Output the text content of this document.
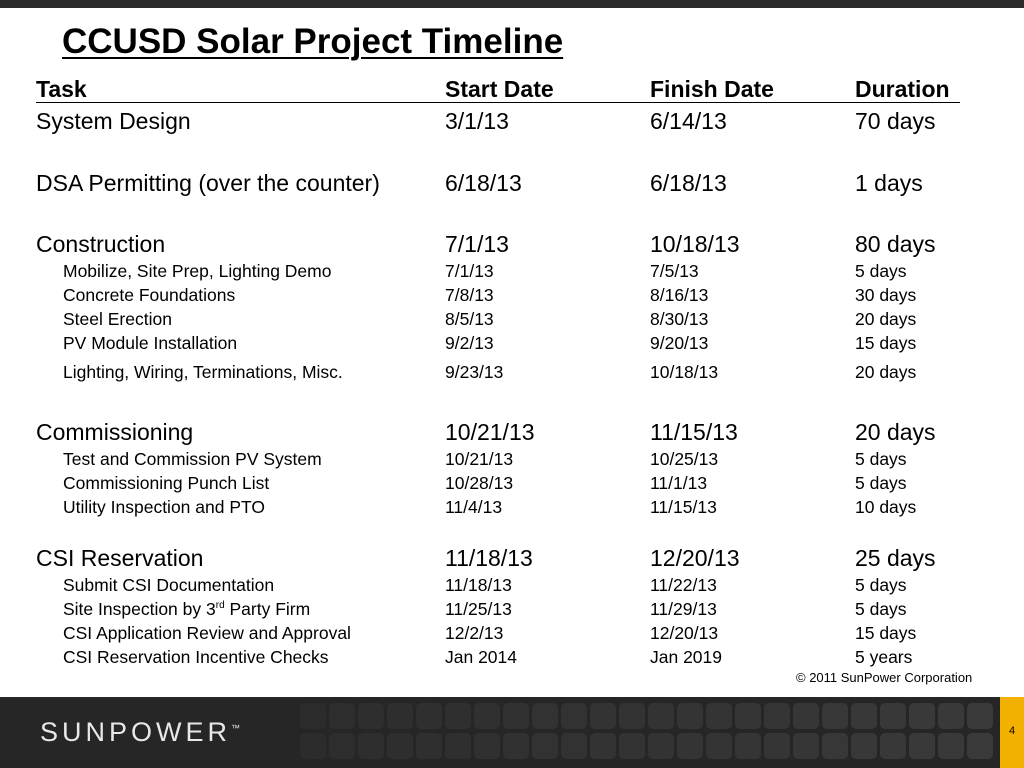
CCUSD Solar Project Timeline
Task	Start Date	Finish Date	Duration
System Design	3/1/13	6/14/13	70 days
DSA Permitting (over the counter)	6/18/13	6/18/13	1 days
Construction	7/1/13	10/18/13	80 days
Mobilize, Site Prep, Lighting Demo	7/1/13	7/5/13	5 days
Concrete Foundations	7/8/13	8/16/13	30 days
Steel Erection	8/5/13	8/30/13	20 days
PV Module Installation	9/2/13	9/20/13	15 days
Lighting, Wiring, Terminations, Misc.	9/23/13	10/18/13	20 days
Commissioning	10/21/13	11/15/13	20 days
Test and Commission PV System	10/21/13	10/25/13	5 days
Commissioning Punch List	10/28/13	11/1/13	5 days
Utility Inspection and PTO	11/4/13	11/15/13	10 days
CSI Reservation	11/18/13	12/20/13	25 days
Submit CSI Documentation	11/18/13	11/22/13	5 days
Site Inspection by 3rd Party Firm	11/25/13	11/29/13	5 days
CSI Application Review and Approval	12/2/13	12/20/13	15 days
CSI Reservation Incentive Checks	Jan 2014	Jan 2019	5 years
© 2011 SunPower Corporation
SUNPOWER™	4
